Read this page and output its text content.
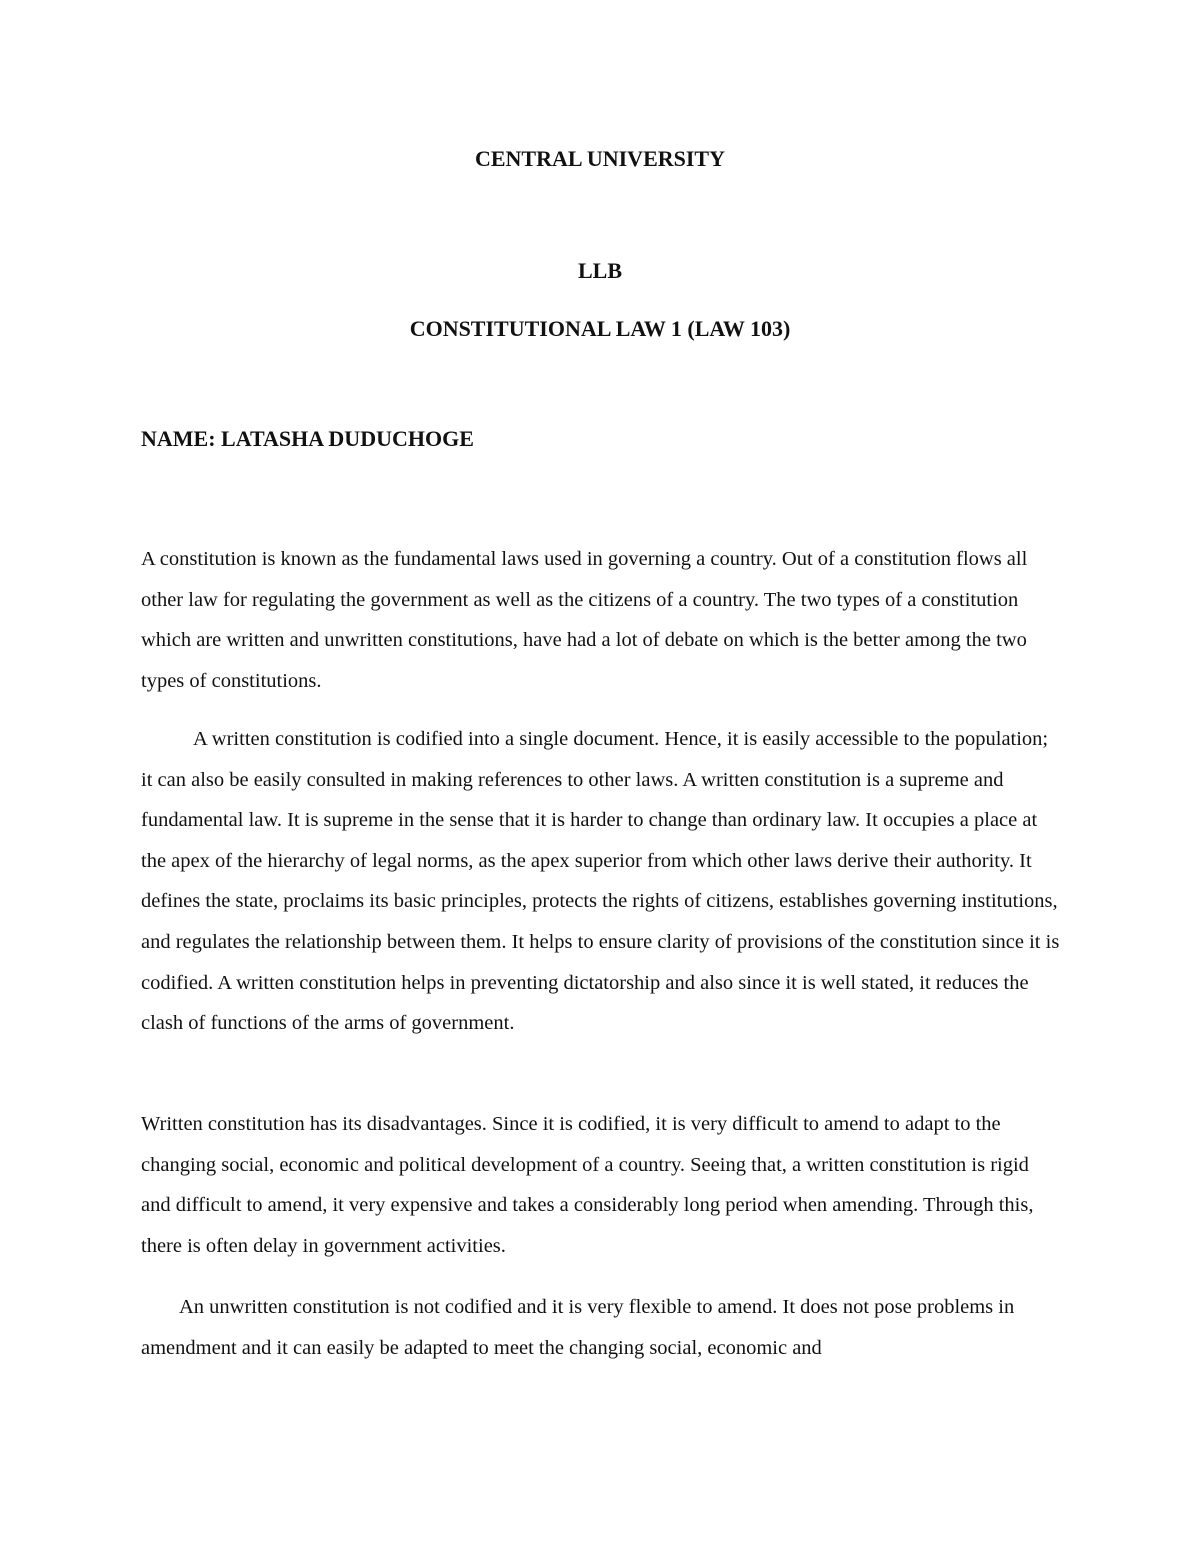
CENTRAL UNIVERSITY
LLB
CONSTITUTIONAL LAW 1 (LAW 103)

NAME: LATASHA DUDUCHOGE

A constitution is known as the fundamental laws used in governing a country. Out of a constitution flows all other law for regulating the government as well as the citizens of a country. The two types of a constitution which are written and unwritten constitutions, have had a lot of debate on which is the better among the two types of constitutions.

A written constitution is codified into a single document. Hence, it is easily accessible to the population; it can also be easily consulted in making references to other laws. A written constitution is a supreme and fundamental law. It is supreme in the sense that it is harder to change than ordinary law. It occupies a place at the apex of the hierarchy of legal norms, as the apex superior from which other laws derive their authority. It defines the state, proclaims its basic principles, protects the rights of citizens, establishes governing institutions, and regulates the relationship between them. It helps to ensure clarity of provisions of the constitution since it is codified. A written constitution helps in preventing dictatorship and also since it is well stated, it reduces the clash of functions of the arms of government.

Written constitution has its disadvantages. Since it is codified, it is very difficult to amend to adapt to the changing social, economic and political development of a country. Seeing that, a written constitution is rigid and difficult to amend, it very expensive and takes a considerably long period when amending. Through this, there is often delay in government activities.

An unwritten constitution is not codified and it is very flexible to amend. It does not pose problems in amendment and it can easily be adapted to meet the changing social, economic and
